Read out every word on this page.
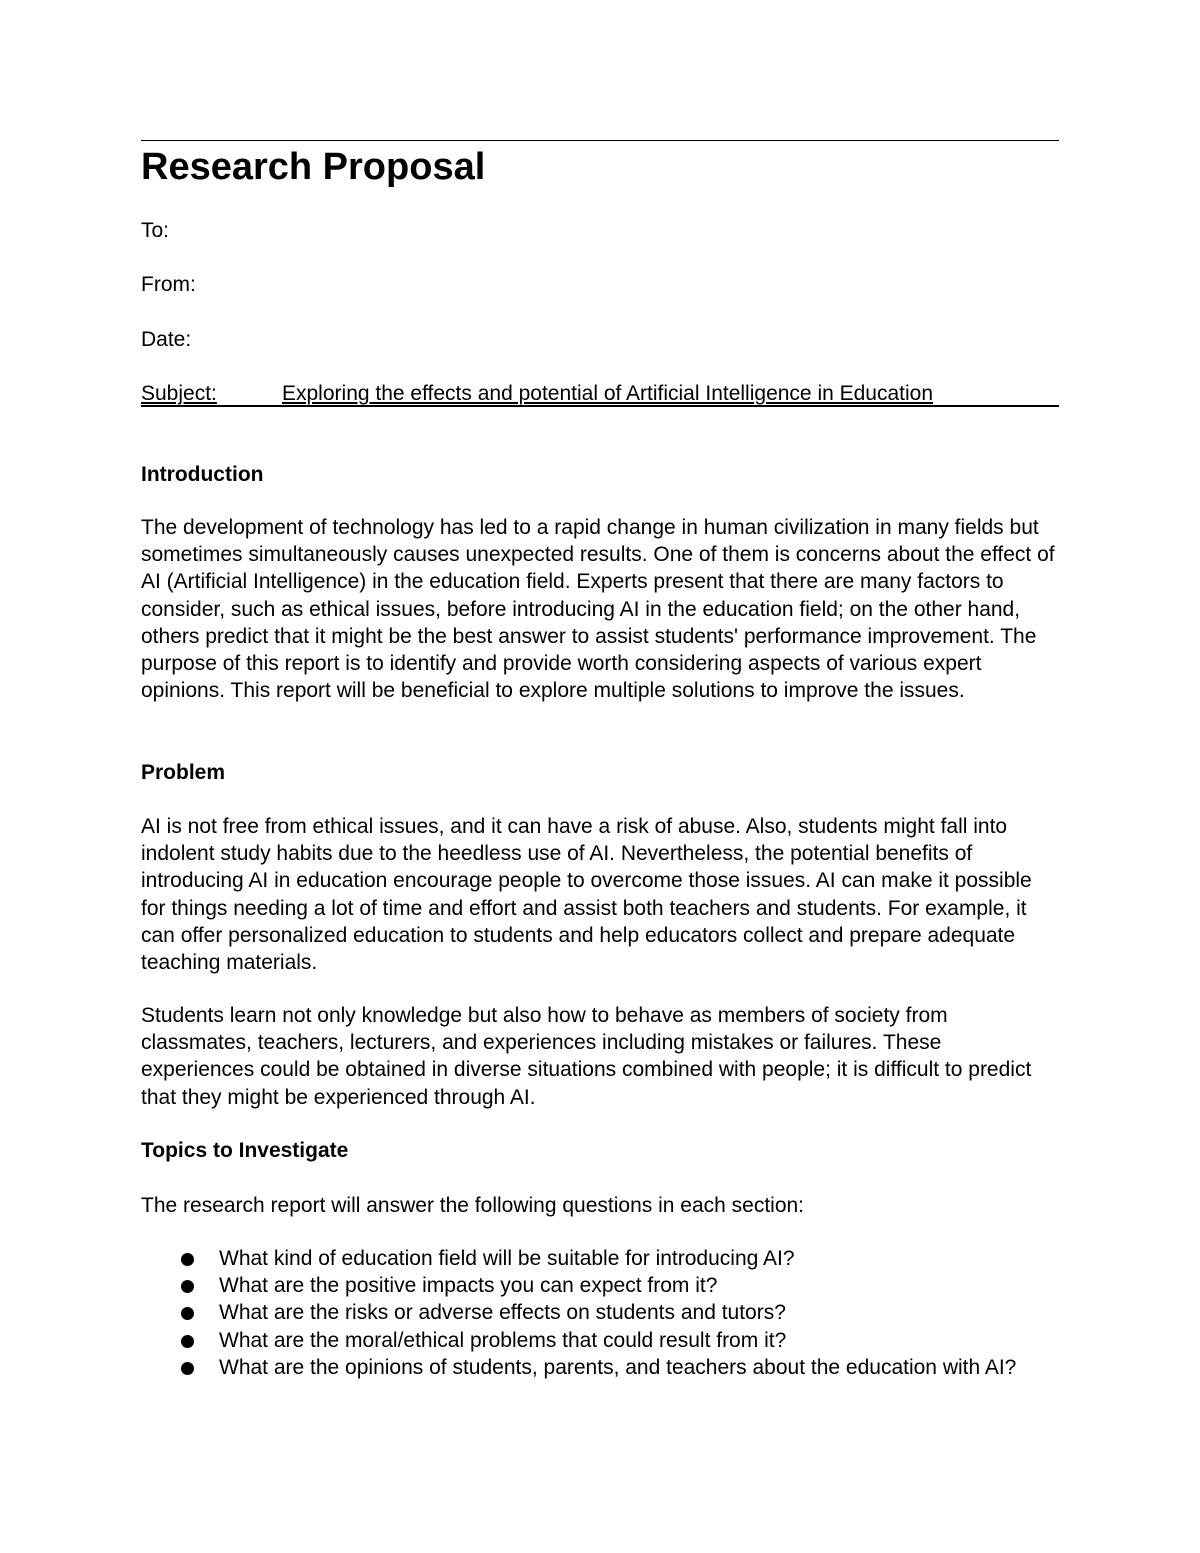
Research Proposal

To:

From:

Date:

Subject:	Exploring the effects and potential of Artificial Intelligence in Education

Introduction

The development of technology has led to a rapid change in human civilization in many fields but sometimes simultaneously causes unexpected results. One of them is concerns about the effect of AI (Artificial Intelligence) in the education field. Experts present that there are many factors to consider, such as ethical issues, before introducing AI in the education field; on the other hand, others predict that it might be the best answer to assist students' performance improvement. The purpose of this report is to identify and provide worth considering aspects of various expert opinions. This report will be beneficial to explore multiple solutions to improve the issues.

Problem

AI is not free from ethical issues, and it can have a risk of abuse. Also, students might fall into indolent study habits due to the heedless use of AI. Nevertheless, the potential benefits of introducing AI in education encourage people to overcome those issues. AI can make it possible for things needing a lot of time and effort and assist both teachers and students. For example, it can offer personalized education to students and help educators collect and prepare adequate teaching materials.

Students learn not only knowledge but also how to behave as members of society from classmates, teachers, lecturers, and experiences including mistakes or failures. These experiences could be obtained in diverse situations combined with people; it is difficult to predict that they might be experienced through AI.

Topics to Investigate

The research report will answer the following questions in each section:

What kind of education field will be suitable for introducing AI?
What are the positive impacts you can expect from it?
What are the risks or adverse effects on students and tutors?
What are the moral/ethical problems that could result from it?
What are the opinions of students, parents, and teachers about the education with AI?
